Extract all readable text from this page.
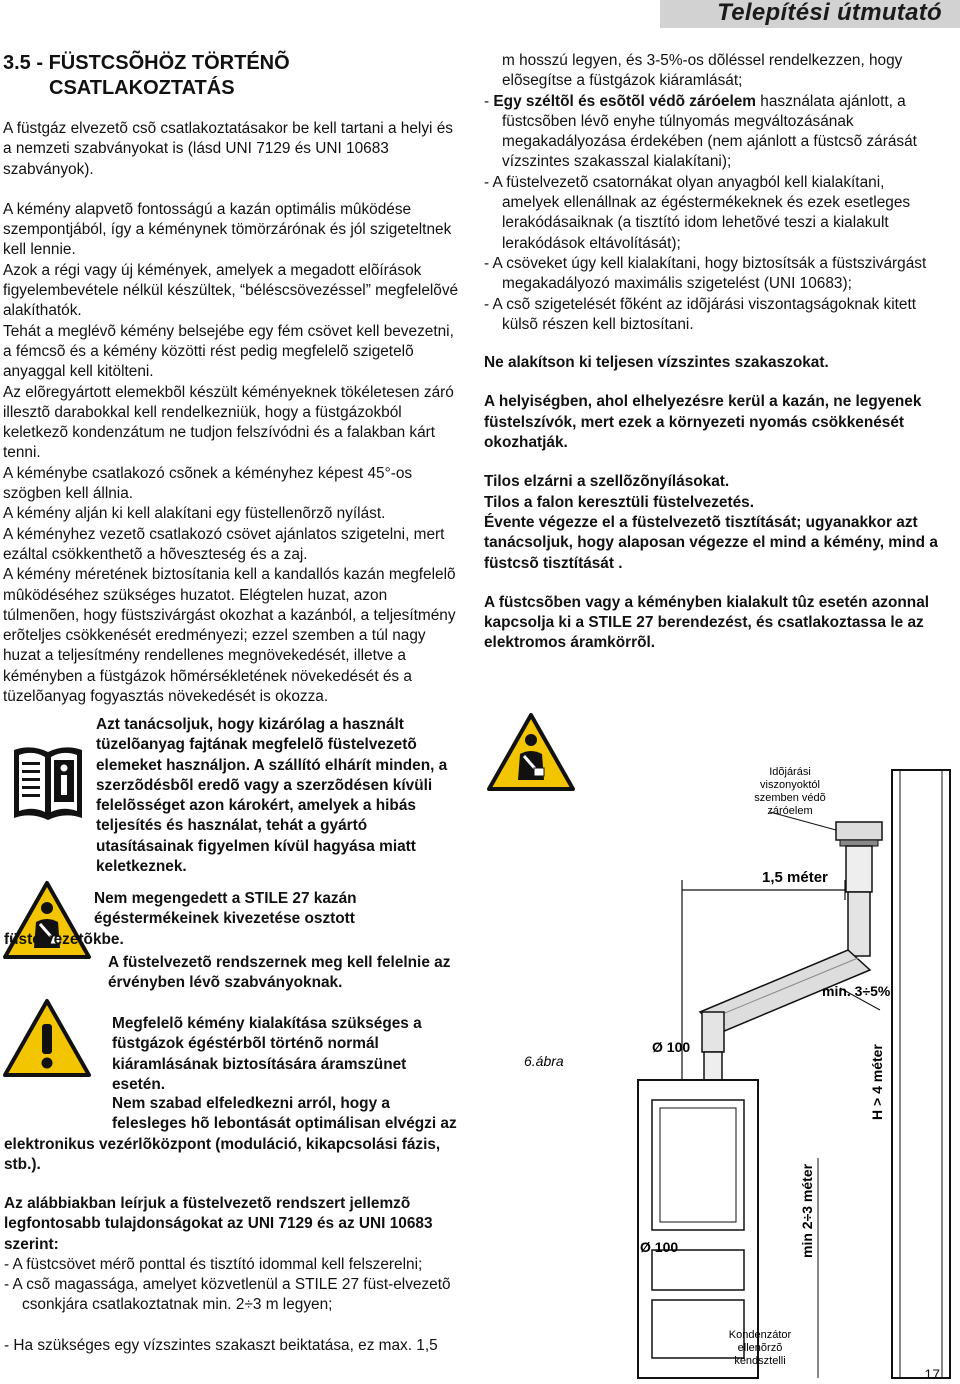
Telepítési útmutató
3.5 - FÜSTCSÕHÖZ TÖRTÉNÕ
CSATLAKOZTATÁS

A füstgáz elvezetõ csõ csatlakoztatásakor be kell tartani a helyi és a nemzeti szabványokat is (lásd UNI 7129 és UNI 10683 szabványok).

A kémény alapvetõ fontosságú a kazán optimális mûködése szempontjából, így a kéménynek tömörzárónak és jól szigeteltnek kell lennie.

Azok a régi vagy új kémények, amelyek a megadott elõírások figyelembevétele nélkül készültek, “béléscsövezéssel” megfelelõvé alakíthatók.

Tehát a meglévõ kémény belsejébe egy fém csövet kell bevezetni, a fémcsõ és a kémény közötti rést pedig megfelelõ szigetelõ anyaggal kell kitölteni.

Az elõregyártott elemekbõl készült kéményeknek tökéletesen záró illesztõ darabokkal kell rendelkezniük, hogy a füstgázokból keletkezõ kondenzátum ne tudjon felszívódni és a falakban kárt tenni.

A kéménybe csatlakozó csõnek a kéményhez képest 45°-os szögben kell állnia.

A kémény alján ki kell alakítani egy füstellenõrzõ nyílást.

A kéményhez vezetõ csatlakozó csövet ajánlatos szigetelni, mert ezáltal csökkenthetõ a hõveszteség és a zaj.

A kémény méretének biztosítania kell a kandallós kazán megfelelõ mûködéséhez szükséges huzatot. Elégtelen huzat, azon túlmenõen, hogy füstszivárgást okozhat a kazánból, a teljesítmény erõteljes csökkenését eredményezi; ezzel szemben a túl nagy huzat a teljesítmény rendellenes megnövekedését, illetve a kéményben a füstgázok hõmérsékletének növekedését és a tüzelõanyag fogyasztás növekedését is okozza.

m hosszú legyen, és 3-5%-os dõléssel rendelkezzen, hogy elõsegítse a füstgázok kiáramlását;

- Egy széltõl és esõtõl védõ záróelem használata ajánlott, a füstcsõben lévõ enyhe túlnyomás megváltozásának megakadályozása érdekében (nem ajánlott a füstcsõ zárását vízszintes szakasszal kialakítani);

- A füstelvezetõ csatornákat olyan anyagból kell kialakítani, amelyek ellenállnak az égéstermékeknek és ezek esetleges lerakódásaiknak (a tisztító idom lehetõvé teszi a kialakult lerakódások eltávolítását);

- A csöveket úgy kell kialakítani, hogy biztosítsák a füstszivárgást megakadályozó maximális szigetelést (UNI 10683);

- A csõ szigetelését fõként az idõjárási viszontagságoknak kitett külsõ részen kell biztosítani.

Ne alakítson ki teljesen vízszintes szakaszokat.

A helyiségben, ahol elhelyezésre kerül a kazán, ne legyenek füstelszívók, mert ezek a környezeti nyomás csökkenését okozhatják.

Tilos elzárni a szellõzõnyílásokat.

Tilos a falon keresztüli füstelvezetés.

Évente végezze el a füstelvezetõ tisztítását; ugyanakkor azt tanácsoljuk, hogy alaposan végezze el mind a kémény, mind a füstcsõ tisztítását .

A füstcsõben vagy a kéményben kialakult tûz esetén azonnal kapcsolja ki a STILE 27 berendezést, és csatlakoztassa le az elektromos áramkörrõl.

Azt tanácsoljuk, hogy kizárólag a használt tüzelõanyag fajtának megfelelõ füstelvezetõ elemeket használjon. A szállító elhárít minden, a szerzõdésbõl eredõ vagy a szerzõdésen kívüli felelõsséget azon károkért, amelyek a hibás teljesítés és használat, tehát a gyártó utasításainak figyelmen kívül hagyása miatt keletkeznek.
Nem megengedett a STILE 27 kazán égéstermékeinek kivezetése osztott füstelvezetõkbe.
A füstelvezetõ rendszernek meg kell felelnie az érvényben lévõ szabványoknak.
Megfelelõ kémény kialakítása szükséges a füstgázok égéstérbõl történõ normál kiáramlásának biztosítására áramszünet esetén.
Nem szabad elfeledkezni arról, hogy a felesleges hõ lebontását optimálisan elvégzi az elektronikus vezérlõközpont (moduláció, kikapcsolási fázis, stb.).

Az alábbiakban leírjuk a füstelvezetõ rendszert jellemzõ legfontosabb tulajdonságokat az UNI 7129 és az UNI 10683 szerint:

- A füstcsövet mérõ ponttal és tisztító idommal kell felszerelni;

- A csõ magassága, amelyet közvetlenül a STILE 27 füst-elvezetõ csonkjára csatlakoztatnak min. 2÷3 m legyen;

- Ha szükséges egy vízszintes szakaszt beiktatása, ez max. 1,5

Idõjárási
viszonyoktól
szemben védõ
záróelem
1,5 méter
min. 3÷5%
Ø 100
Ø 100
6.ábra	H > 4 méter
min 2÷3 méter
Kondenzátor
ellenõrzõ
kendsztelli
17
